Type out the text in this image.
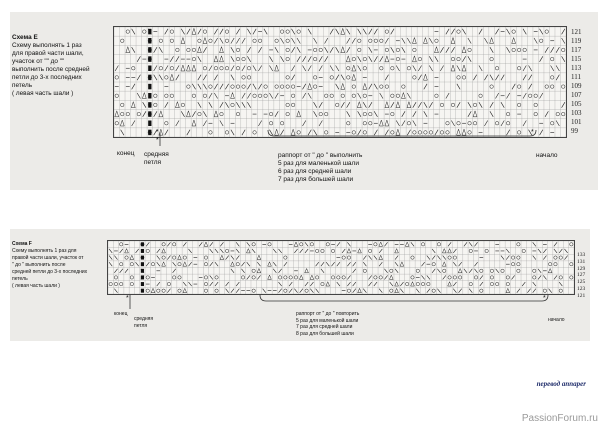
Схема Е
Схему выполнять 1 раз
для правой части шали,
участок от "" до ""
выполнить после средней
петли до 3-х последних
петель
( левая часть шали )
121
119
117
115
113
111
109
107
105
103
101
99
*
*
*
конец средняя петля
раппорт от " до " выполнить
5 раз для маленькой шали
6 раз для средней шали
7 раз для большей шали
начало
Схема F
Схему выполнять 1 раз для
правой части шали, участок от
" до " выполнить после
средней петли до 3-х последних
петель
( левая часть шали )
133
131
129
127
125
123
121
*	*
конец
средняя петля
раппорт от " до " повторить
5 раз для маленькой шали
7 раз для средней шали
8 раз для большей шали
начало
перевод annaper
PassionForum.ru
